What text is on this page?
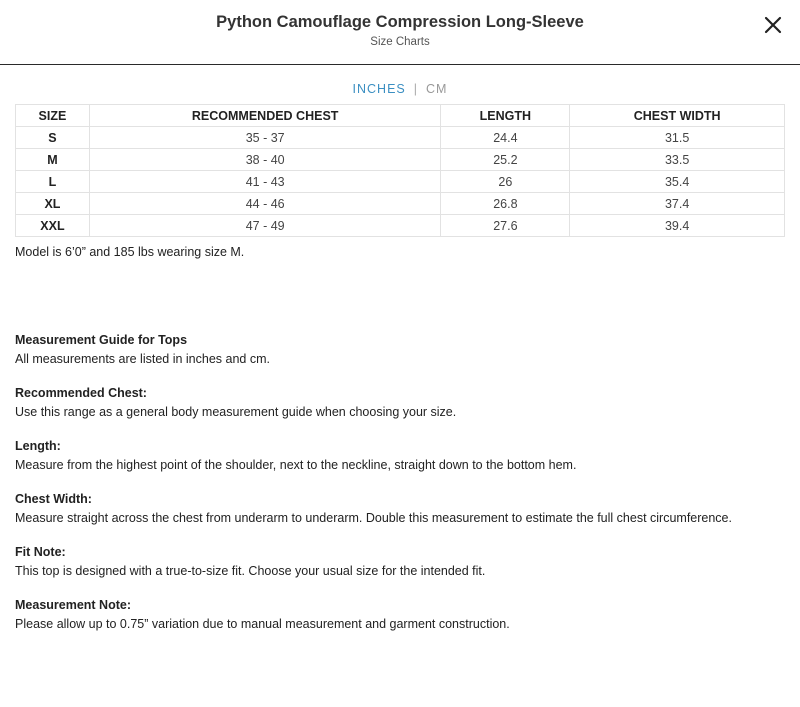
Python Camouflage Compression Long-Sleeve
Size Charts
INCHES | CM
SIZE	RECOMMENDED CHEST	LENGTH	CHEST WIDTH
S	35 - 37	24.4	31.5
M	38 - 40	25.2	33.5
L	41 - 43	26	35.4
XL	44 - 46	26.8	37.4
XXL	47 - 49	27.6	39.4
Model is 6’0” and 185 lbs wearing size M.
Measurement Guide for Tops
All measurements are listed in inches and cm.
Recommended Chest:
Use this range as a general body measurement guide when choosing your size.
Length:
Measure from the highest point of the shoulder, next to the neckline, straight down to the bottom hem.
Chest Width:
Measure straight across the chest from underarm to underarm. Double this measurement to estimate the full chest circumference.
Fit Note:
This top is designed with a true-to-size fit. Choose your usual size for the intended fit.
Measurement Note:
Please allow up to 0.75” variation due to manual measurement and garment construction.
